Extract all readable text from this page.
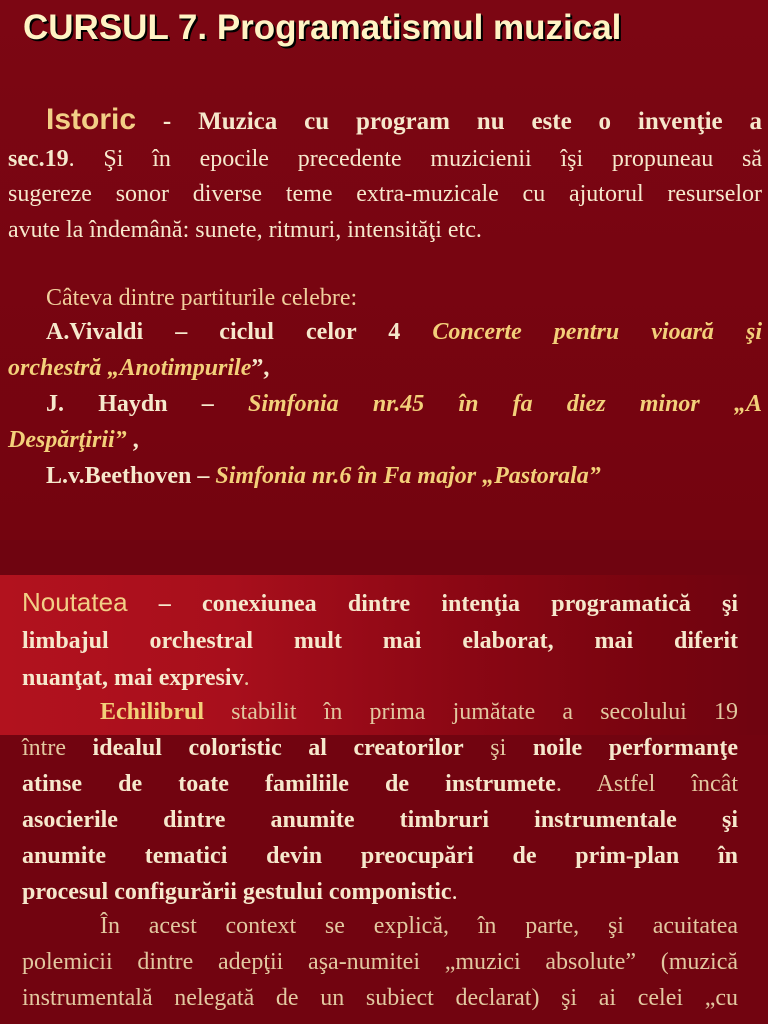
CURSUL 7. Programatismul muzical

Istoric - Muzica cu program nu este o invenţie a

sec.19. Şi în epocile precedente muzicienii îşi propuneau să

sugereze sonor diverse teme extra-muzicale cu ajutorul resurselor

avute la îndemână: sunete, ritmuri, intensităţi etc.

Câteva dintre partiturile celebre:

A.Vivaldi – ciclul celor 4 Concerte pentru vioară şi

orchestră „Anotimpurile”,

J. Haydn – Simfonia nr.45 în fa diez minor „A

Despărţirii” ,

L.v.Beethoven – Simfonia nr.6 în Fa major „Pastorala”

Noutatea – conexiunea dintre intenţia programatică şi

limbajul orchestral mult mai elaborat, mai diferit

nuanţat, mai expresiv.

Echilibrul stabilit în prima jumătate a secolului 19

între idealul coloristic al creatorilor şi noile performanţe

atinse de toate familiile de instrumete. Astfel încât

asocierile dintre anumite timbruri instrumentale şi

anumite tematici devin preocupări de prim-plan în

procesul configurării gestului componistic.

În acest context se explică, în parte, şi acuitatea

polemicii dintre adepţii aşa-numitei „muzici absolute” (muzică

instrumentală nelegată de un subiect declarat) şi ai celei „cu
